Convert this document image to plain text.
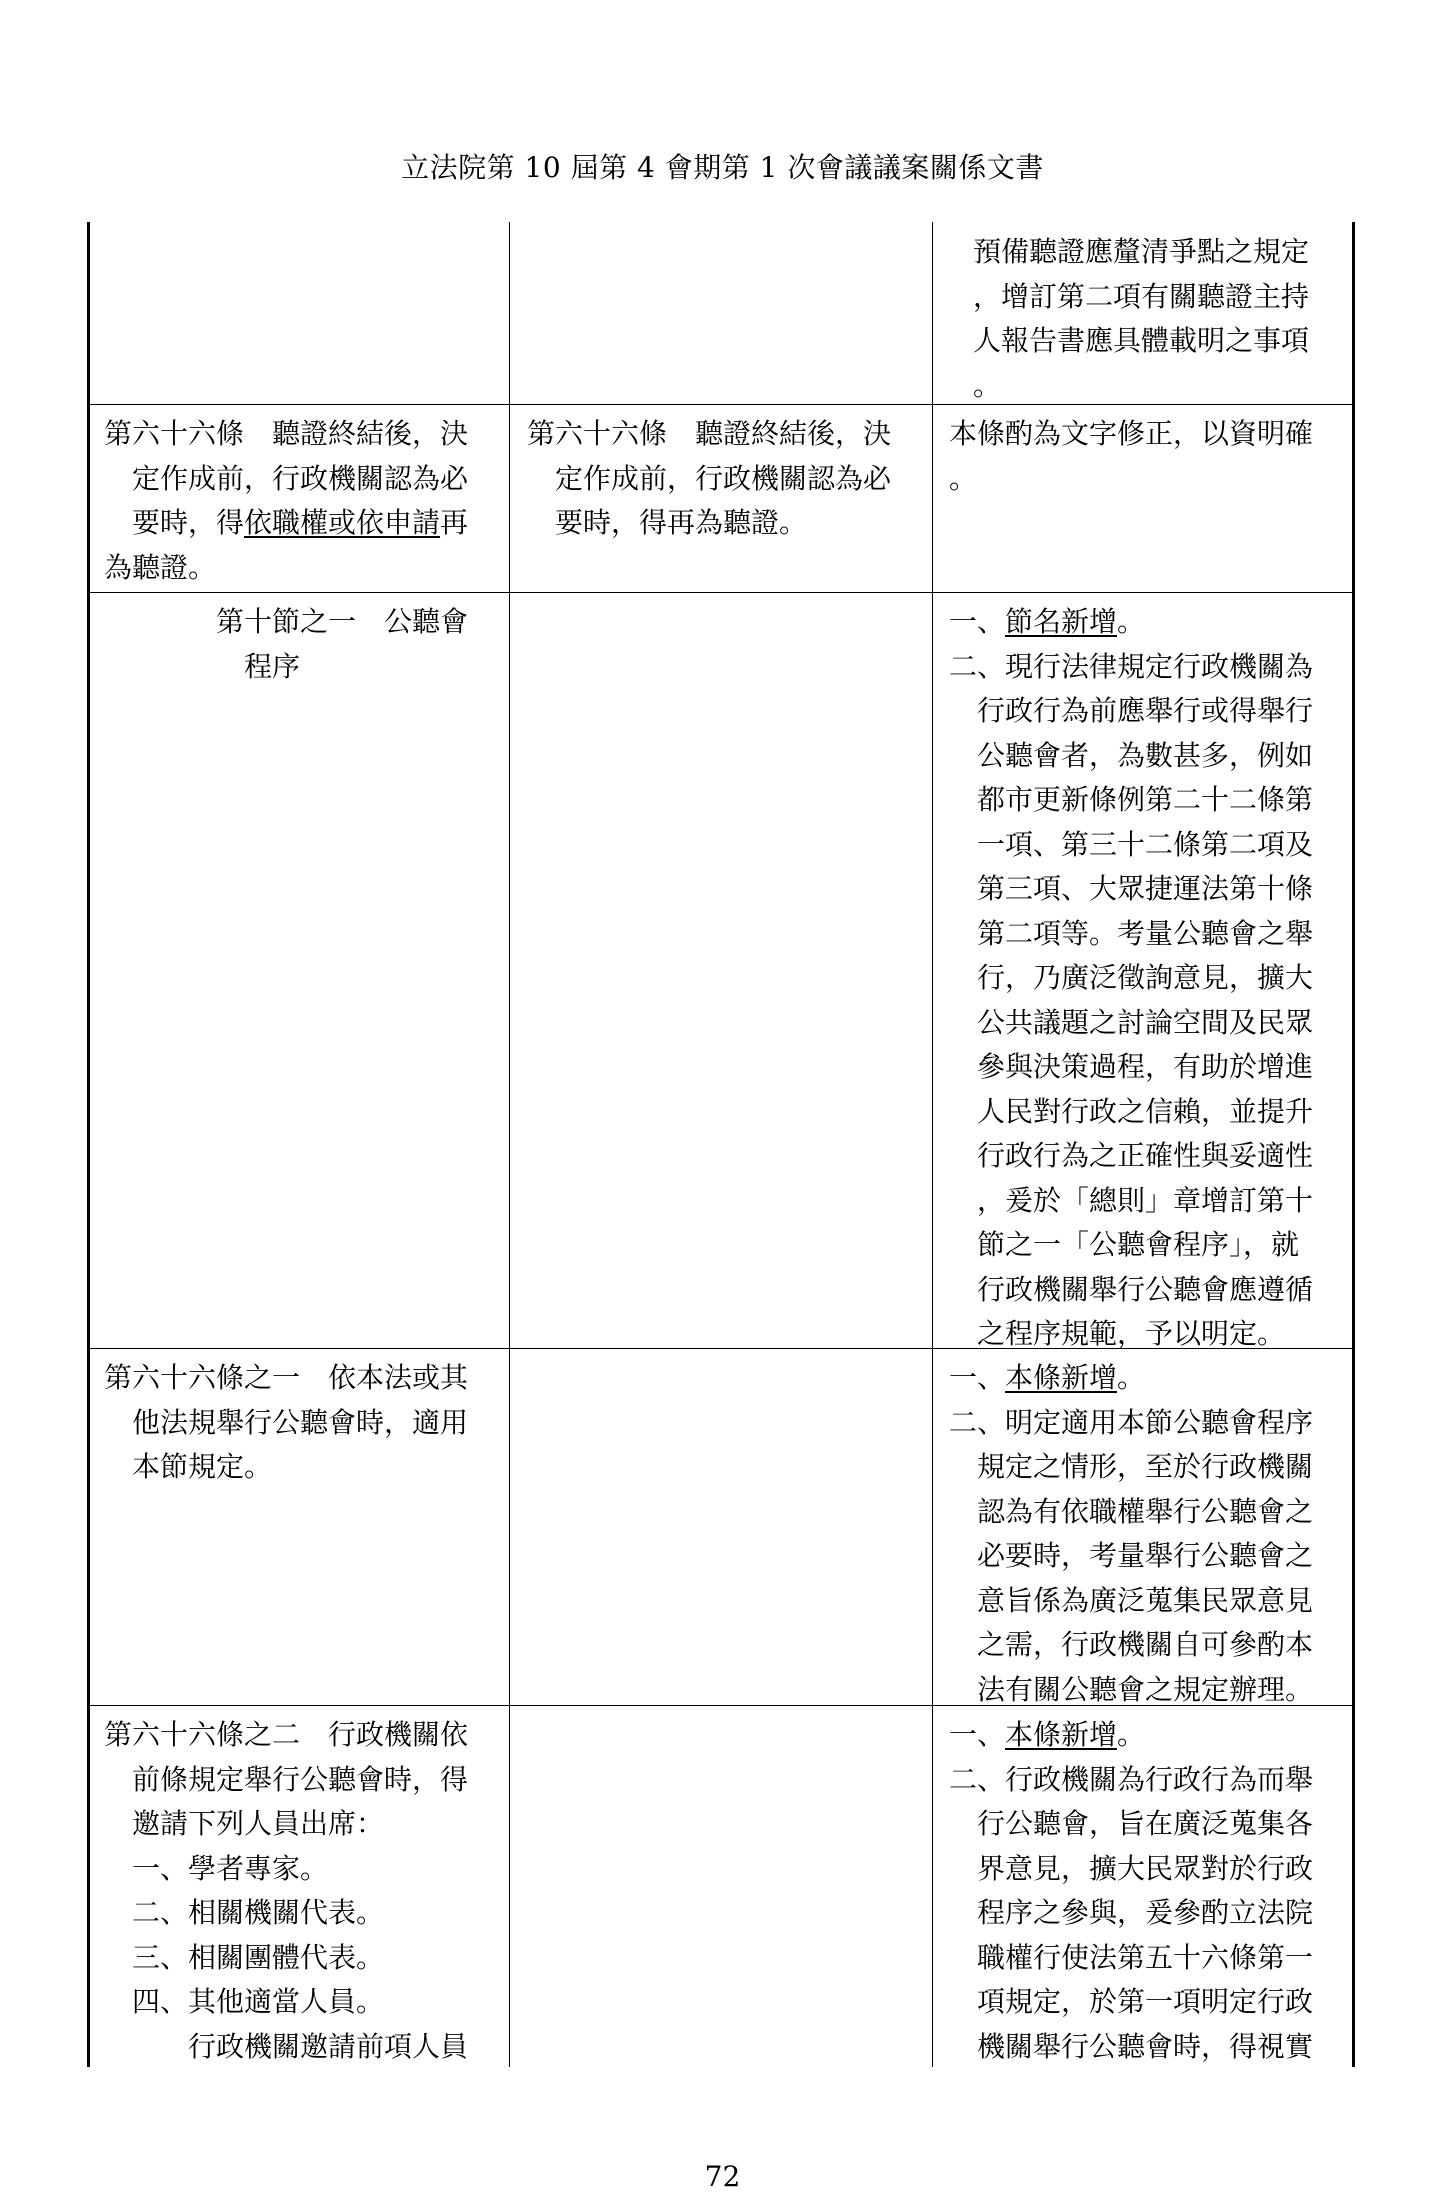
立法院第 10 屆第 4 會期第 1 次會議議案關係文書
預備聽證應釐清爭點之規定
，增訂第二項有關聽證主持
人報告書應具體載明之事項
。
第六十六條　聽證終結後，決
定作成前，行政機關認為必
要時，得依職權或依申請再
為聽證。
第六十六條　聽證終結後，決
定作成前，行政機關認為必
要時，得再為聽證。
本條酌為文字修正，以資明確
。
第十節之一　公聽會
程序
一、節名新增。
二、現行法律規定行政機關為
行政行為前應舉行或得舉行
公聽會者，為數甚多，例如
都市更新條例第二十二條第
一項、第三十二條第二項及
第三項、大眾捷運法第十條
第二項等。考量公聽會之舉
行，乃廣泛徵詢意見，擴大
公共議題之討論空間及民眾
參與決策過程，有助於增進
人民對行政之信賴，並提升
行政行為之正確性與妥適性
，爰於「總則」章增訂第十
節之一「公聽會程序」，就
行政機關舉行公聽會應遵循
之程序規範，予以明定。
第六十六條之一　依本法或其
他法規舉行公聽會時，適用
本節規定。
一、本條新增。
二、明定適用本節公聽會程序
規定之情形，至於行政機關
認為有依職權舉行公聽會之
必要時，考量舉行公聽會之
意旨係為廣泛蒐集民眾意見
之需，行政機關自可參酌本
法有關公聽會之規定辦理。
第六十六條之二　行政機關依
前條規定舉行公聽會時，得
邀請下列人員出席：
一、學者專家。
二、相關機關代表。
三、相關團體代表。
四、其他適當人員。
行政機關邀請前項人員
一、本條新增。
二、行政機關為行政行為而舉
行公聽會，旨在廣泛蒐集各
界意見，擴大民眾對於行政
程序之參與，爰參酌立法院
職權行使法第五十六條第一
項規定，於第一項明定行政
機關舉行公聽會時，得視實
72
